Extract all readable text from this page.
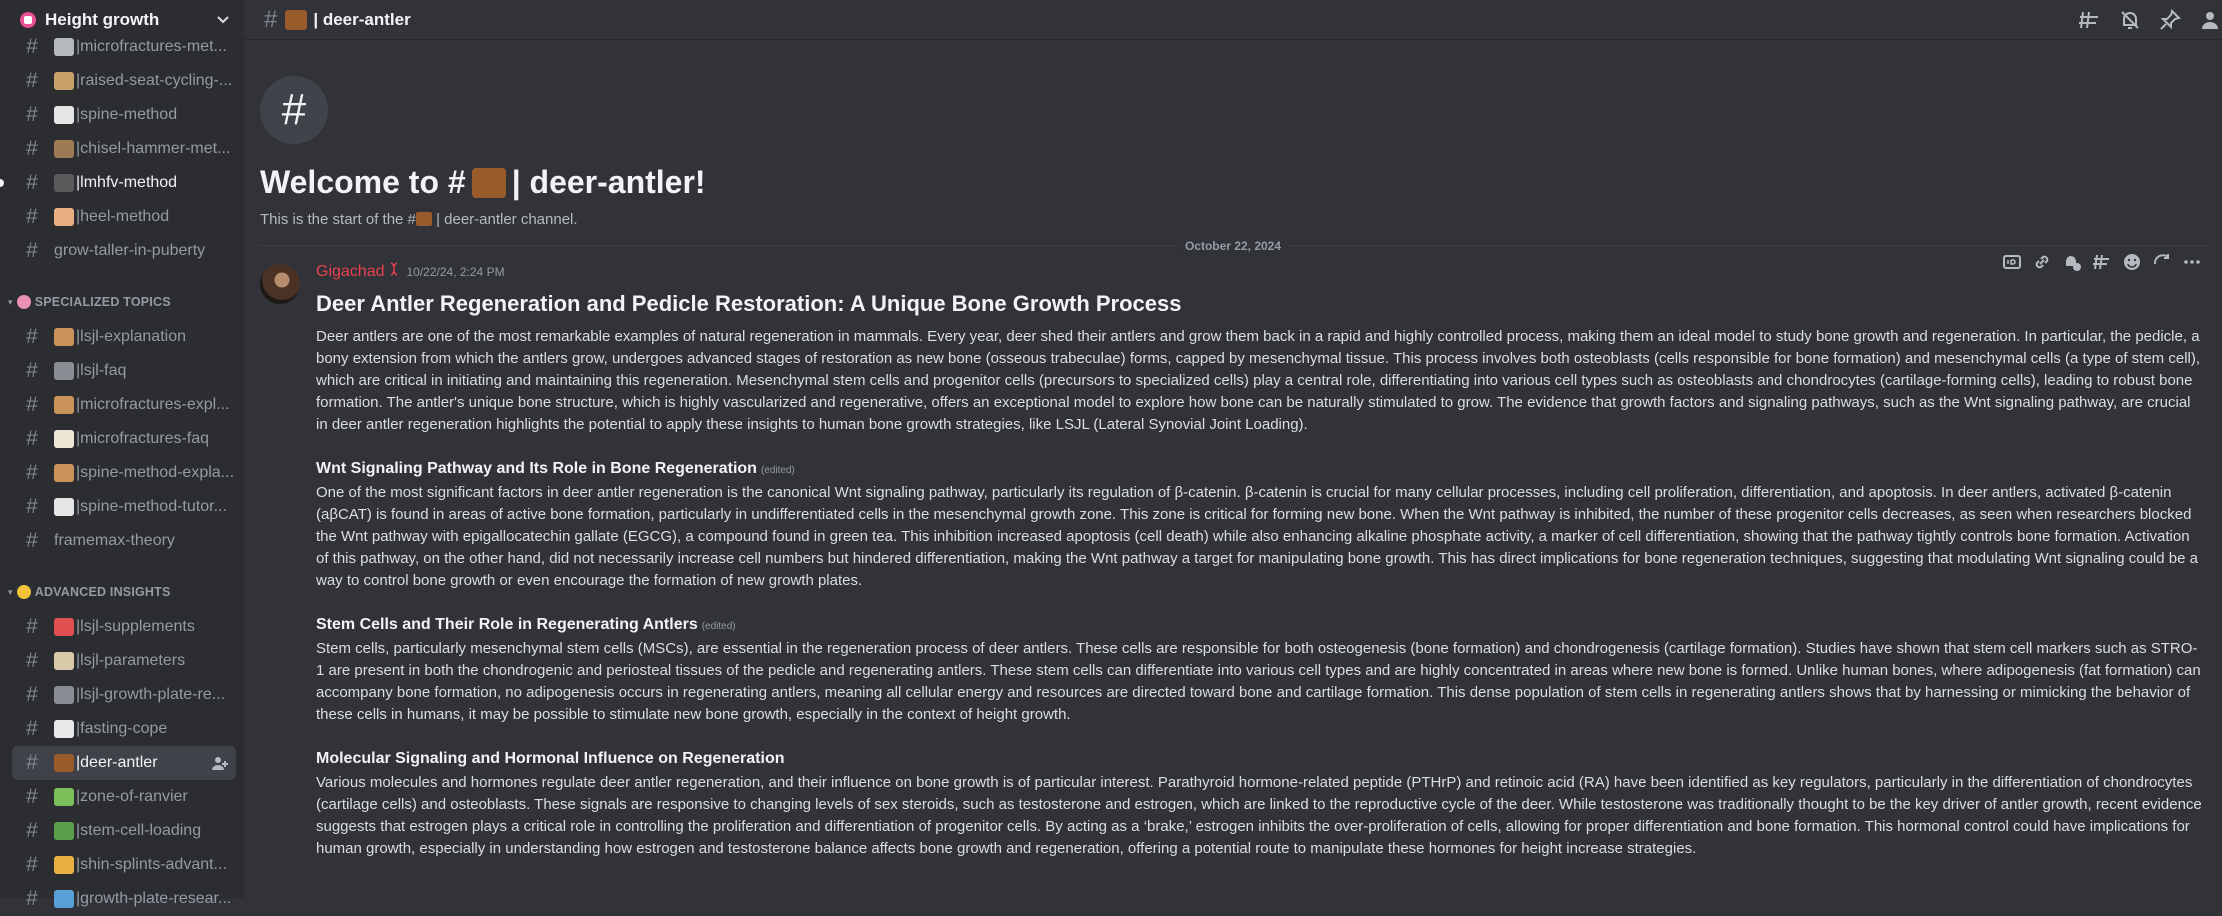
Height growth
#	|microfractures-met...
#	|raised-seat-cycling-...
#	|spine-method
#	|chisel-hammer-met...
#	|lmhfv-method
#	|heel-method
#	grow-taller-in-puberty
▾ SPECIALIZED TOPICS
#	|lsjl-explanation
#	|lsjl-faq
#	|microfractures-expl...
#	|microfractures-faq
#	|spine-method-expla...
#	|spine-method-tutor...
#	framemax-theory
▾ ADVANCED INSIGHTS
#	|lsjl-supplements
#	|lsjl-parameters
#	|lsjl-growth-plate-re...
#	|fasting-cope
#	|deer-antler
#	|zone-of-ranvier
#	|stem-cell-loading
#	|shin-splints-advant...
#	|growth-plate-resear...
# | deer-antler
#
Welcome to # | deer-antler!
This is the start of the # | deer-antler channel.
October 22, 2024
Gigachad 10/22/24, 2:24 PM
Deer Antler Regeneration and Pedicle Restoration: A Unique Bone Growth Process
Deer antlers are one of the most remarkable examples of natural regeneration in mammals. Every year, deer shed their antlers and grow them back in a rapid and highly controlled process, making them an ideal model to study bone growth and regeneration. In particular, the pedicle, a bony extension from which the antlers grow, undergoes advanced stages of restoration as new bone (osseous trabeculae) forms, capped by mesenchymal tissue. This process involves both osteoblasts (cells responsible for bone formation) and mesenchymal cells (a type of stem cell), which are critical in initiating and maintaining this regeneration. Mesenchymal stem cells and progenitor cells (precursors to specialized cells) play a central role, differentiating into various cell types such as osteoblasts and chondrocytes (cartilage-forming cells), leading to robust bone formation. The antler's unique bone structure, which is highly vascularized and regenerative, offers an exceptional model to explore how bone can be naturally stimulated to grow. The evidence that growth factors and signaling pathways, such as the Wnt signaling pathway, are crucial in deer antler regeneration highlights the potential to apply these insights to human bone growth strategies, like LSJL (Lateral Synovial Joint Loading).
Wnt Signaling Pathway and Its Role in Bone Regeneration (edited)
One of the most significant factors in deer antler regeneration is the canonical Wnt signaling pathway, particularly its regulation of β-catenin. β-catenin is crucial for many cellular processes, including cell proliferation, differentiation, and apoptosis. In deer antlers, activated β-catenin (aβCAT) is found in areas of active bone formation, particularly in undifferentiated cells in the mesenchymal growth zone. This zone is critical for forming new bone. When the Wnt pathway is inhibited, the number of these progenitor cells decreases, as seen when researchers blocked the Wnt pathway with epigallocatechin gallate (EGCG), a compound found in green tea. This inhibition increased apoptosis (cell death) while also enhancing alkaline phosphate activity, a marker of cell differentiation, showing that the pathway tightly controls bone formation. Activation of this pathway, on the other hand, did not necessarily increase cell numbers but hindered differentiation, making the Wnt pathway a target for manipulating bone growth. This has direct implications for bone regeneration techniques, suggesting that modulating Wnt signaling could be a way to control bone growth or even encourage the formation of new growth plates.
Stem Cells and Their Role in Regenerating Antlers (edited)
Stem cells, particularly mesenchymal stem cells (MSCs), are essential in the regeneration process of deer antlers. These cells are responsible for both osteogenesis (bone formation) and chondrogenesis (cartilage formation). Studies have shown that stem cell markers such as STRO-1 are present in both the chondrogenic and periosteal tissues of the pedicle and regenerating antlers. These stem cells can differentiate into various cell types and are highly concentrated in areas where new bone is formed. Unlike human bones, where adipogenesis (fat formation) can accompany bone formation, no adipogenesis occurs in regenerating antlers, meaning all cellular energy and resources are directed toward bone and cartilage formation. This dense population of stem cells in regenerating antlers shows that by harnessing or mimicking the behavior of these cells in humans, it may be possible to stimulate new bone growth, especially in the context of height growth.
Molecular Signaling and Hormonal Influence on Regeneration
Various molecules and hormones regulate deer antler regeneration, and their influence on bone growth is of particular interest. Parathyroid hormone-related peptide (PTHrP) and retinoic acid (RA) have been identified as key regulators, particularly in the differentiation of chondrocytes (cartilage cells) and osteoblasts. These signals are responsive to changing levels of sex steroids, such as testosterone and estrogen, which are linked to the reproductive cycle of the deer. While testosterone was traditionally thought to be the key driver of antler growth, recent evidence suggests that estrogen plays a critical role in controlling the proliferation and differentiation of progenitor cells. By acting as a ‘brake,’ estrogen inhibits the over-proliferation of cells, allowing for proper differentiation and bone formation. This hormonal control could have implications for human growth, especially in understanding how estrogen and testosterone balance affects bone growth and regeneration, offering a potential route to manipulate these hormones for height increase strategies.
